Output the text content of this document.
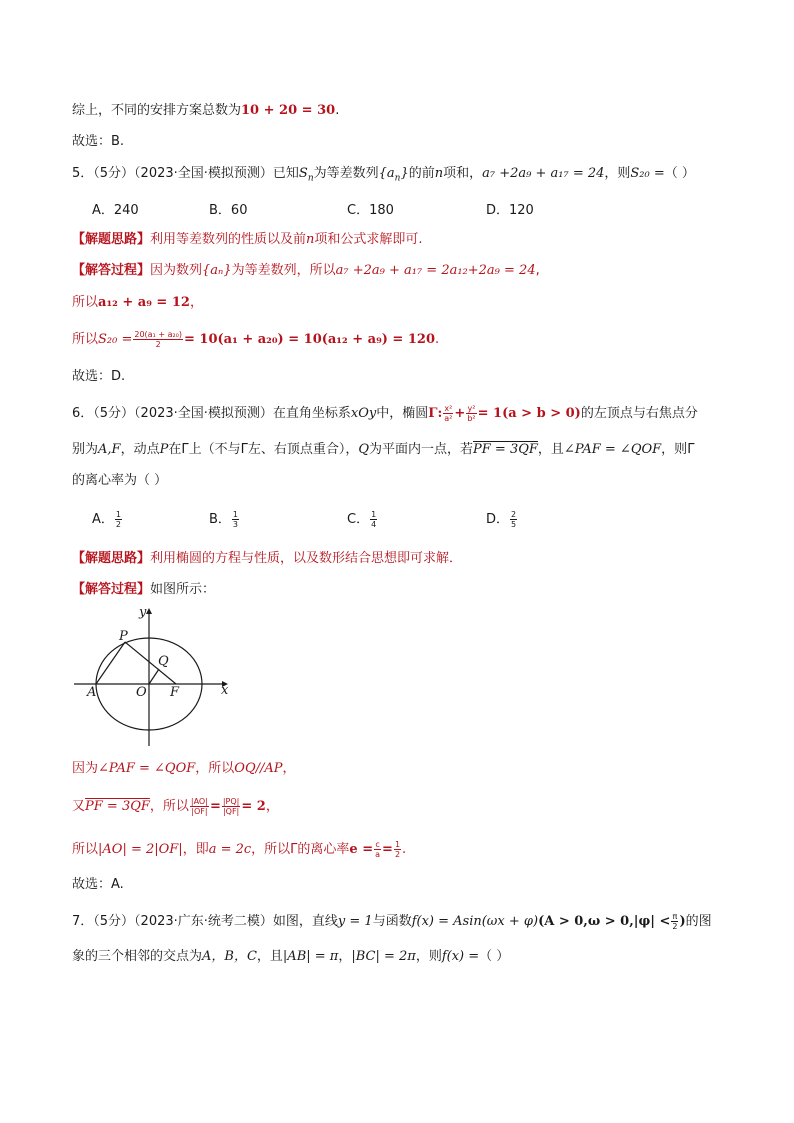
综上，不同的安排方案总数为10 + 20 = 30.
故选：B.
5．（5分）（2023·全国·模拟预测）已知$S_n$为等差数列$\{a_n\}$的前n项和，a₇ +2a₉ + a₁₇ = 24，则S₂₀ =（ ）
A．240	B．60	C．180	D．120
【解题思路】利用等差数列的性质以及前n项和公式求解即可.
【解答过程】因为数列{aₙ}为等差数列，所以a₇ +2a₉ + a₁₇ = 2a₁₂+2a₉ = 24,
所以a₁₂ + a₉ = 12，
所以$S_{20} = \frac{\text{20(a₁ + a₂₀)}}{2} = 10(a_1 + a_{20}) = 10(a_{12} + a_9) = 120$.
故选：D.
6．（5分）（2023·全国·模拟预测）在直角坐标系xOy中，椭圆Γ: $\frac{\text{x²}}{\text{a²}} + \frac{\text{y²}}{\text{b²}} = 1(a > b > 0)$的左顶点与右焦点分
别为A,F，动点P在Γ上（不与Γ左、右顶点重合），Q为平面内一点，若PF = 3QF，且∠PAF = ∠QOF，则Γ
的离心率为（ ）
A． $\frac{1}{2}$	B． $\frac{1}{3}$	C． $\frac{1}{4}$	D． $\frac{2}{5}$
【解题思路】利用椭圆的方程与性质，以及数形结合思想即可求解．
【解答过程】如图所示：
y
x
P
Q
A	O F
因为∠PAF = ∠QOF，所以OQ//AP，
又PF = 3QF，所以 $\frac{|AO|}{|OF|} = \frac{|PQ|}{|QF|} = 2$，
所以|AO| = 2|OF|，即a = 2c，所以Γ的离心率$e = \frac{c}{a} = \frac{1}{2}$ .
故选：A.
7．（5分）（2023·广东·统考二模）如图，直线y = 1与函数$f(x) = Asin(\omega x + \varphi)(A > 0,\omega > 0,|\varphi| < \frac{\pi}{2}$ )的图
象的三个相邻的交点为A，B，C，且|AB| = π，|BC| = 2π，则f(x) =（ ）
